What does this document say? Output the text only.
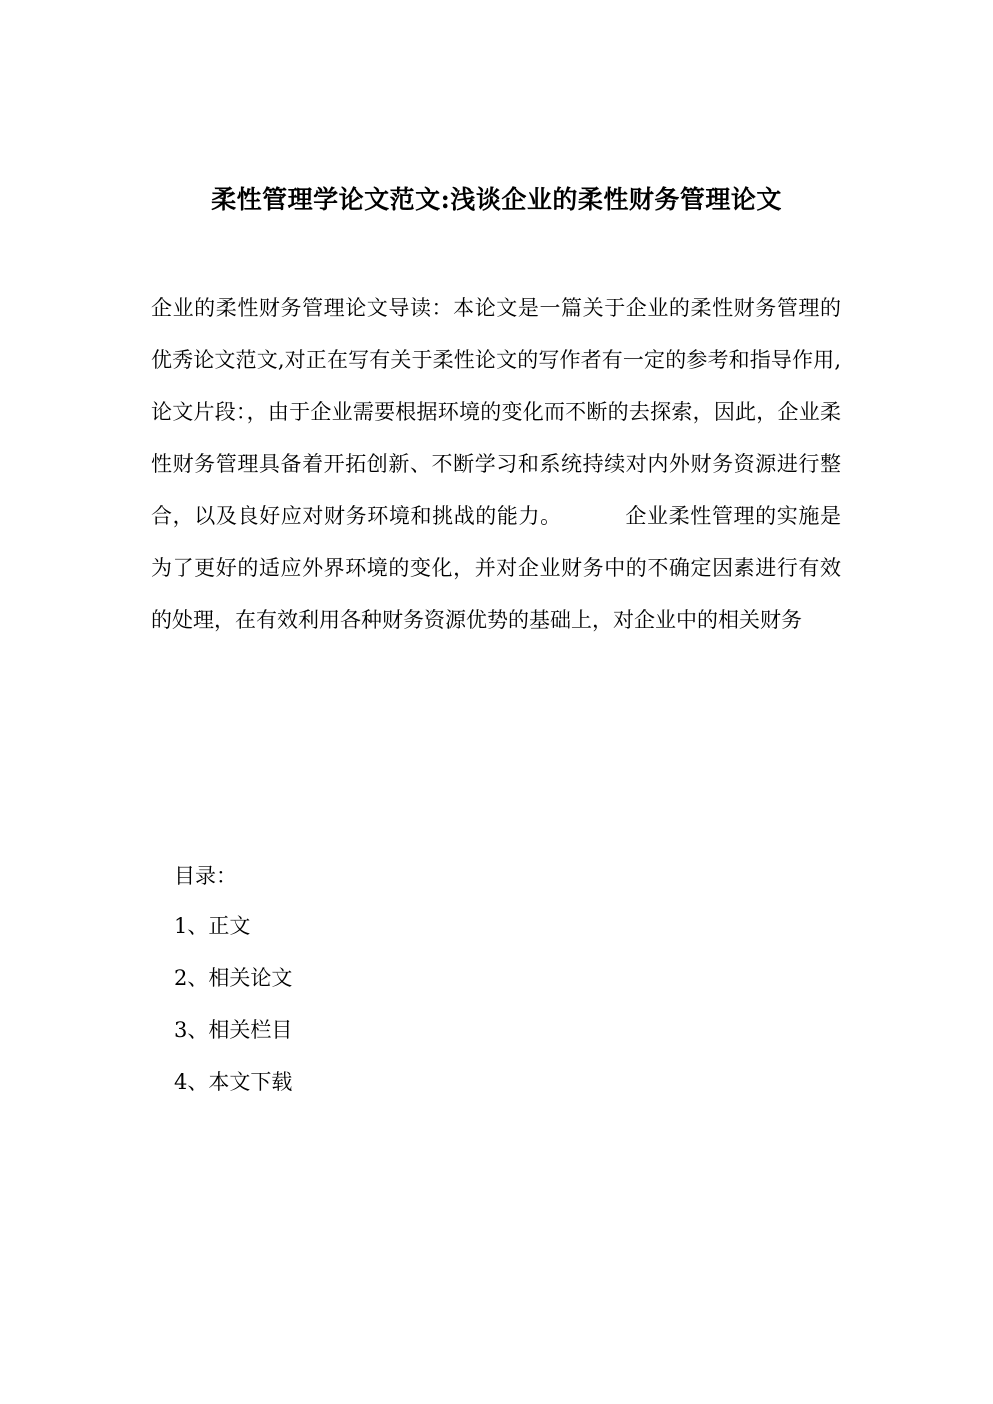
柔性管理学论文范文:浅谈企业的柔性财务管理论文
企业的柔性财务管理论文导读：本论文是一篇关于企业的柔性财务管理的优秀论文范文,对正在写有关于柔性论文的写作者有一定的参考和指导作用,论文片段：，由于企业需要根据环境的变化而不断的去探索，因此，企业柔性财务管理具备着开拓创新、不断学习和系统持续对内外财务资源进行整合，以及良好应对财务环境和挑战的能力。	企业柔性管理的实施是为了更好的适应外界环境的变化，并对企业财务中的不确定因素进行有效的处理，在有效利用各种财务资源优势的基础上，对企业中的相关财务
目录：
1、正文
2、相关论文
3、相关栏目
4、本文下载
